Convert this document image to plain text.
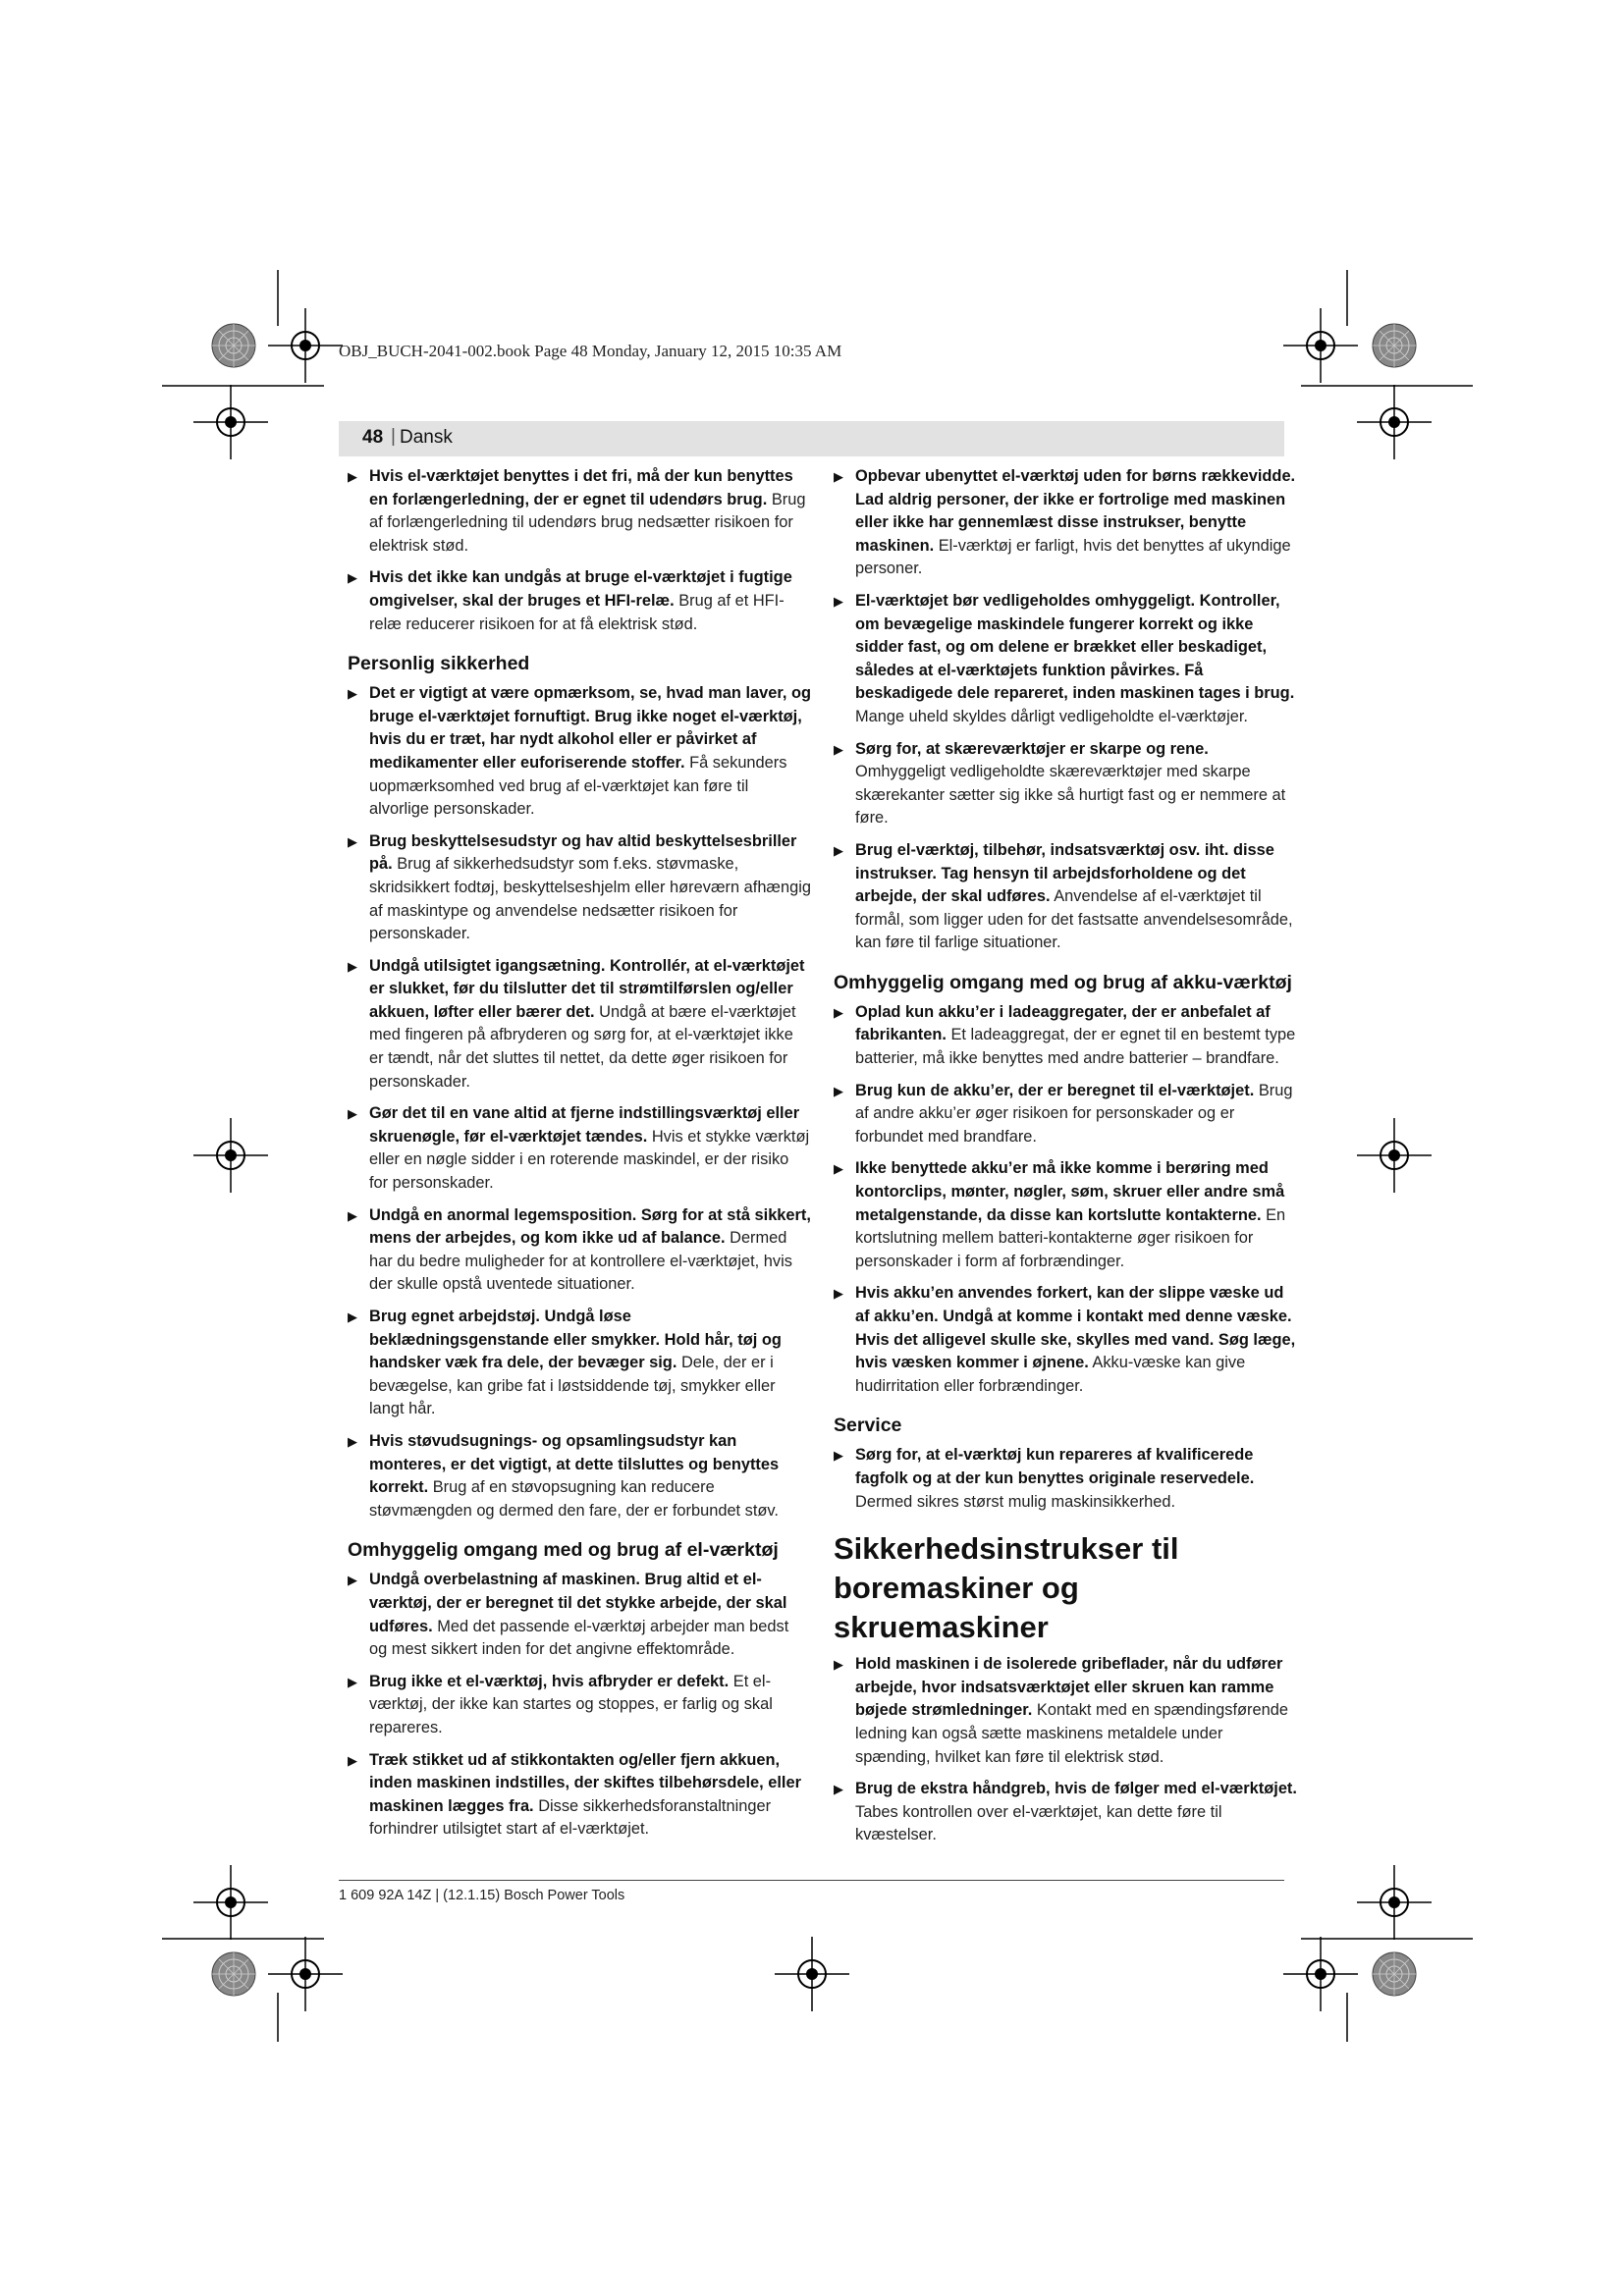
OBJ_BUCH-2041-002.book Page 48 Monday, January 12, 2015 10:35 AM
48 | Dansk
▶ Hvis el-værktøjet benyttes i det fri, må der kun benyttes en forlængerledning, der er egnet til udendørs brug. Brug af forlængerledning til udendørs brug nedsætter risikoen for elektrisk stød.
▶ Hvis det ikke kan undgås at bruge el-værktøjet i fugtige omgivelser, skal der bruges et HFI-relæ. Brug af et HFI-relæ reducerer risikoen for at få elektrisk stød.
Personlig sikkerhed
▶ Det er vigtigt at være opmærksom, se, hvad man laver, og bruge el-værktøjet fornuftigt. Brug ikke noget el-værktøj, hvis du er træt, har nydt alkohol eller er påvirket af medikamenter eller euforiserende stoffer. Få sekunders uopmærksomhed ved brug af el-værktøjet kan føre til alvorlige personskader.
▶ Brug beskyttelsesudstyr og hav altid beskyttelsesbriller på. Brug af sikkerhedsudstyr som f.eks. støvmaske, skridsikkert fodtøj, beskyttelseshjelm eller høreværn afhængig af maskintype og anvendelse nedsætter risikoen for personskader.
▶ Undgå utilsigtet igangsætning. Kontrollér, at el-værktøjet er slukket, før du tilslutter det til strømtilførslen og/eller akkuen, løfter eller bærer det. Undgå at bære el-værktøjet med fingeren på afbryderen og sørg for, at el-værktøjet ikke er tændt, når det sluttes til nettet, da dette øger risikoen for personskader.
▶ Gør det til en vane altid at fjerne indstillingsværktøj eller skruenøgle, før el-værktøjet tændes. Hvis et stykke værktøj eller en nøgle sidder i en roterende maskindel, er der risiko for personskader.
▶ Undgå en anormal legemsposition. Sørg for at stå sikkert, mens der arbejdes, og kom ikke ud af balance. Dermed har du bedre muligheder for at kontrollere el-værktøjet, hvis der skulle opstå uventede situationer.
▶ Brug egnet arbejdstøj. Undgå løse beklædningsgenstande eller smykker. Hold hår, tøj og handsker væk fra dele, der bevæger sig. Dele, der er i bevægelse, kan gribe fat i løstsiddende tøj, smykker eller langt hår.
▶ Hvis støvudsugnings- og opsamlingsudstyr kan monteres, er det vigtigt, at dette tilsluttes og benyttes korrekt. Brug af en støvopsugning kan reducere støvmængden og dermed den fare, der er forbundet støv.
Omhyggelig omgang med og brug af el-værktøj
▶ Undgå overbelastning af maskinen. Brug altid et el-værktøj, der er beregnet til det stykke arbejde, der skal udføres. Med det passende el-værktøj arbejder man bedst og mest sikkert inden for det angivne effektområde.
▶ Brug ikke et el-værktøj, hvis afbryder er defekt. Et el-værktøj, der ikke kan startes og stoppes, er farlig og skal repareres.
▶ Træk stikket ud af stikkontakten og/eller fjern akkuen, inden maskinen indstilles, der skiftes tilbehørsdele, eller maskinen lægges fra. Disse sikkerhedsforanstaltninger forhindrer utilsigtet start af el-værktøjet.
▶ Opbevar ubenyttet el-værktøj uden for børns rækkevidde. Lad aldrig personer, der ikke er fortrolige med maskinen eller ikke har gennemlæst disse instrukser, benytte maskinen. El-værktøj er farligt, hvis det benyttes af ukyndige personer.
▶ El-værktøjet bør vedligeholdes omhyggeligt. Kontroller, om bevægelige maskindele fungerer korrekt og ikke sidder fast, og om delene er brækket eller beskadiget, således at el-værktøjets funktion påvirkes. Få beskadigede dele repareret, inden maskinen tages i brug. Mange uheld skyldes dårligt vedligeholdte el-værktøjer.
▶ Sørg for, at skæreværktøjer er skarpe og rene. Omhyggeligt vedligeholdte skæreværktøjer med skarpe skærekanter sætter sig ikke så hurtigt fast og er nemmere at føre.
▶ Brug el-værktøj, tilbehør, indsatsværktøj osv. iht. disse instrukser. Tag hensyn til arbejdsforholdene og det arbejde, der skal udføres. Anvendelse af el-værktøjet til formål, som ligger uden for det fastsatte anvendelsesområde, kan føre til farlige situationer.
Omhyggelig omgang med og brug af akku-værktøj
▶ Oplad kun akku’er i ladeaggregater, der er anbefalet af fabrikanten. Et ladeaggregat, der er egnet til en bestemt type batterier, må ikke benyttes med andre batterier – brandfare.
▶ Brug kun de akku’er, der er beregnet til el-værktøjet. Brug af andre akku’er øger risikoen for personskader og er forbundet med brandfare.
▶ Ikke benyttede akku’er må ikke komme i berøring med kontorclips, mønter, nøgler, søm, skruer eller andre små metalgenstande, da disse kan kortslutte kontakterne. En kortslutning mellem batteri-kontakterne øger risikoen for personskader i form af forbrændinger.
▶ Hvis akku’en anvendes forkert, kan der slippe væske ud af akku’en. Undgå at komme i kontakt med denne væske. Hvis det alligevel skulle ske, skylles med vand. Søg læge, hvis væsken kommer i øjnene. Akku-væske kan give hudirritation eller forbrændinger.
Service
▶ Sørg for, at el-værktøj kun repareres af kvalificerede fagfolk og at der kun benyttes originale reservedele. Dermed sikres størst mulig maskinsikkerhed.
Sikkerhedsinstrukser til boremaskiner og skruemaskiner
▶ Hold maskinen i de isolerede gribeflader, når du udfører arbejde, hvor indsatsværktøjet eller skruen kan ramme bøjede strømledninger. Kontakt med en spændingsførende ledning kan også sætte maskinens metaldele under spænding, hvilket kan føre til elektrisk stød.
▶ Brug de ekstra håndgreb, hvis de følger med el-værktøjet. Tabes kontrollen over el-værktøjet, kan dette føre til kvæstelser.
1 609 92A 14Z | (12.1.15) Bosch Power Tools
